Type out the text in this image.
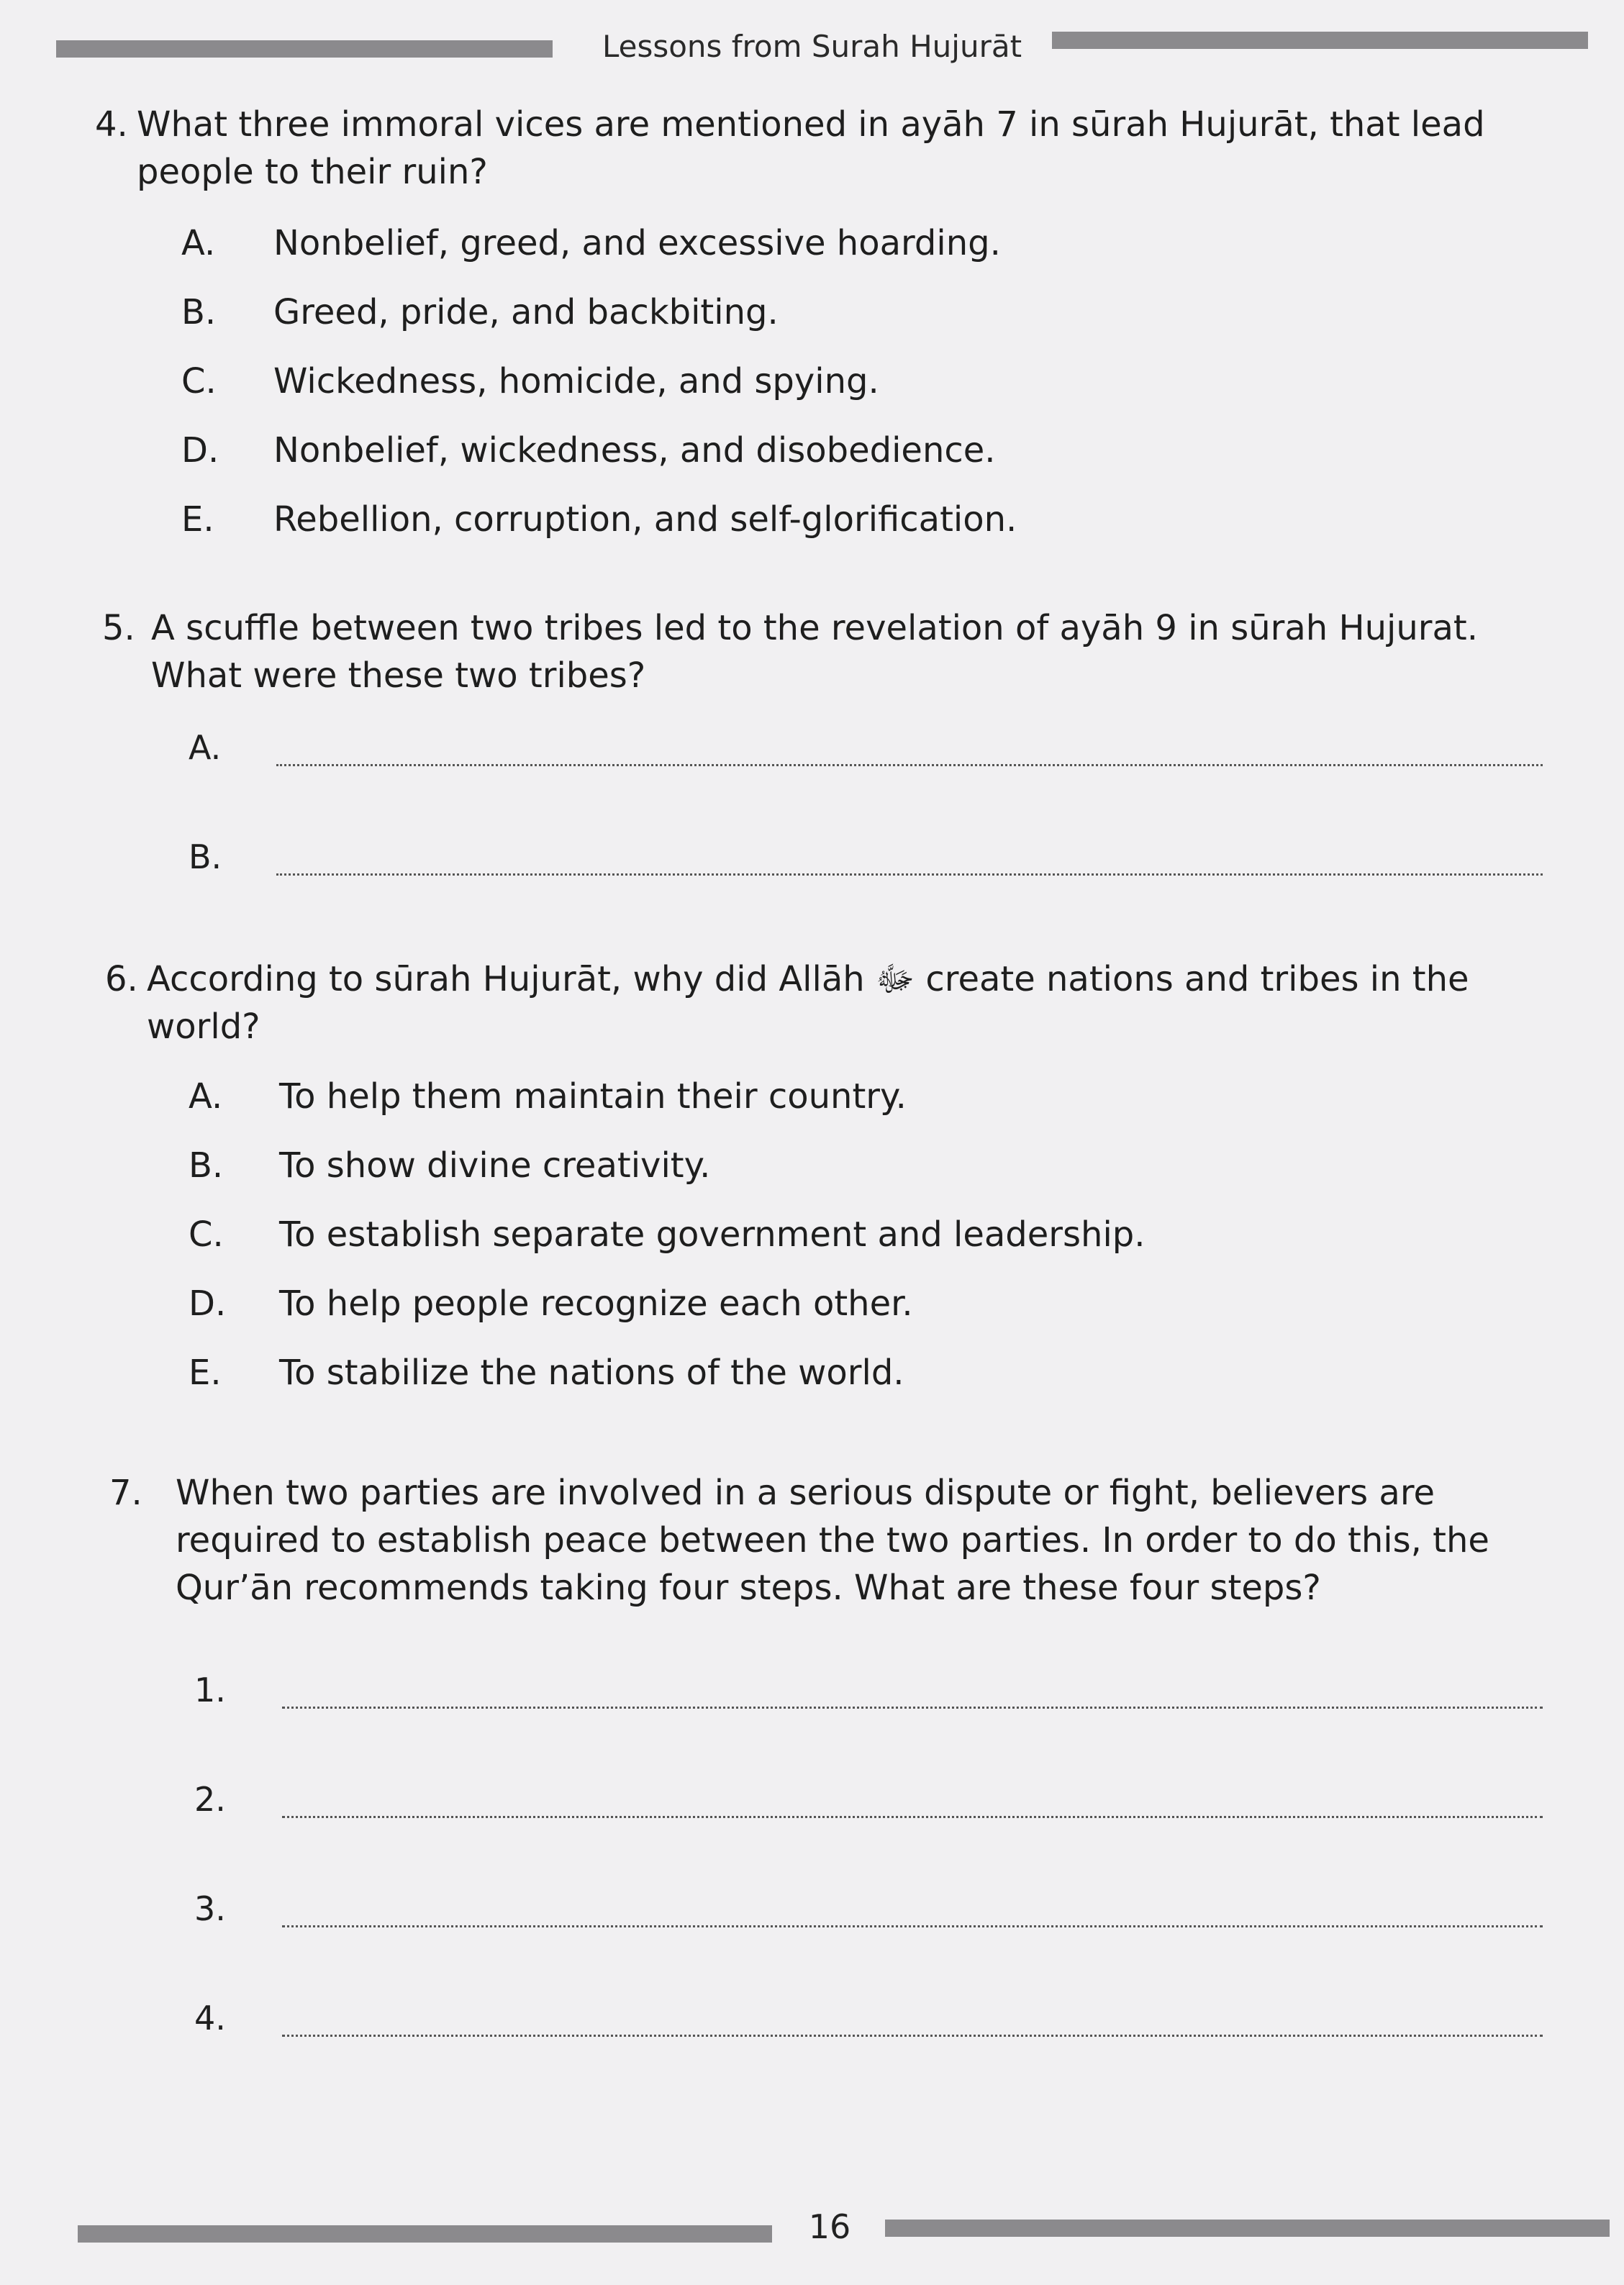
Lessons from Surah Hujurāt
4. What three immoral vices are mentioned in ayāh 7 in sūrah Hujurāt, that lead people to their ruin?
A. Nonbelief, greed, and excessive hoarding.
B. Greed, pride, and backbiting.
C. Wickedness, homicide, and spying.
D. Nonbelief, wickedness, and disobedience.
E. Rebellion, corruption, and self-glorification.
5. A scuffle between two tribes led to the revelation of ayāh 9 in sūrah Hujurat. What were these two tribes?
A.
B.
6. According to sūrah Hujurāt, why did Allāh ﷻ create nations and tribes in the world?
A. To help them maintain their country.
B. To show divine creativity.
C. To establish separate government and leadership.
D. To help people recognize each other.
E. To stabilize the nations of the world.
7. When two parties are involved in a serious dispute or fight, believers are required to establish peace between the two parties. In order to do this, the Qur’ān recommends taking four steps. What are these four steps?
1.
2.
3.
4.
16
